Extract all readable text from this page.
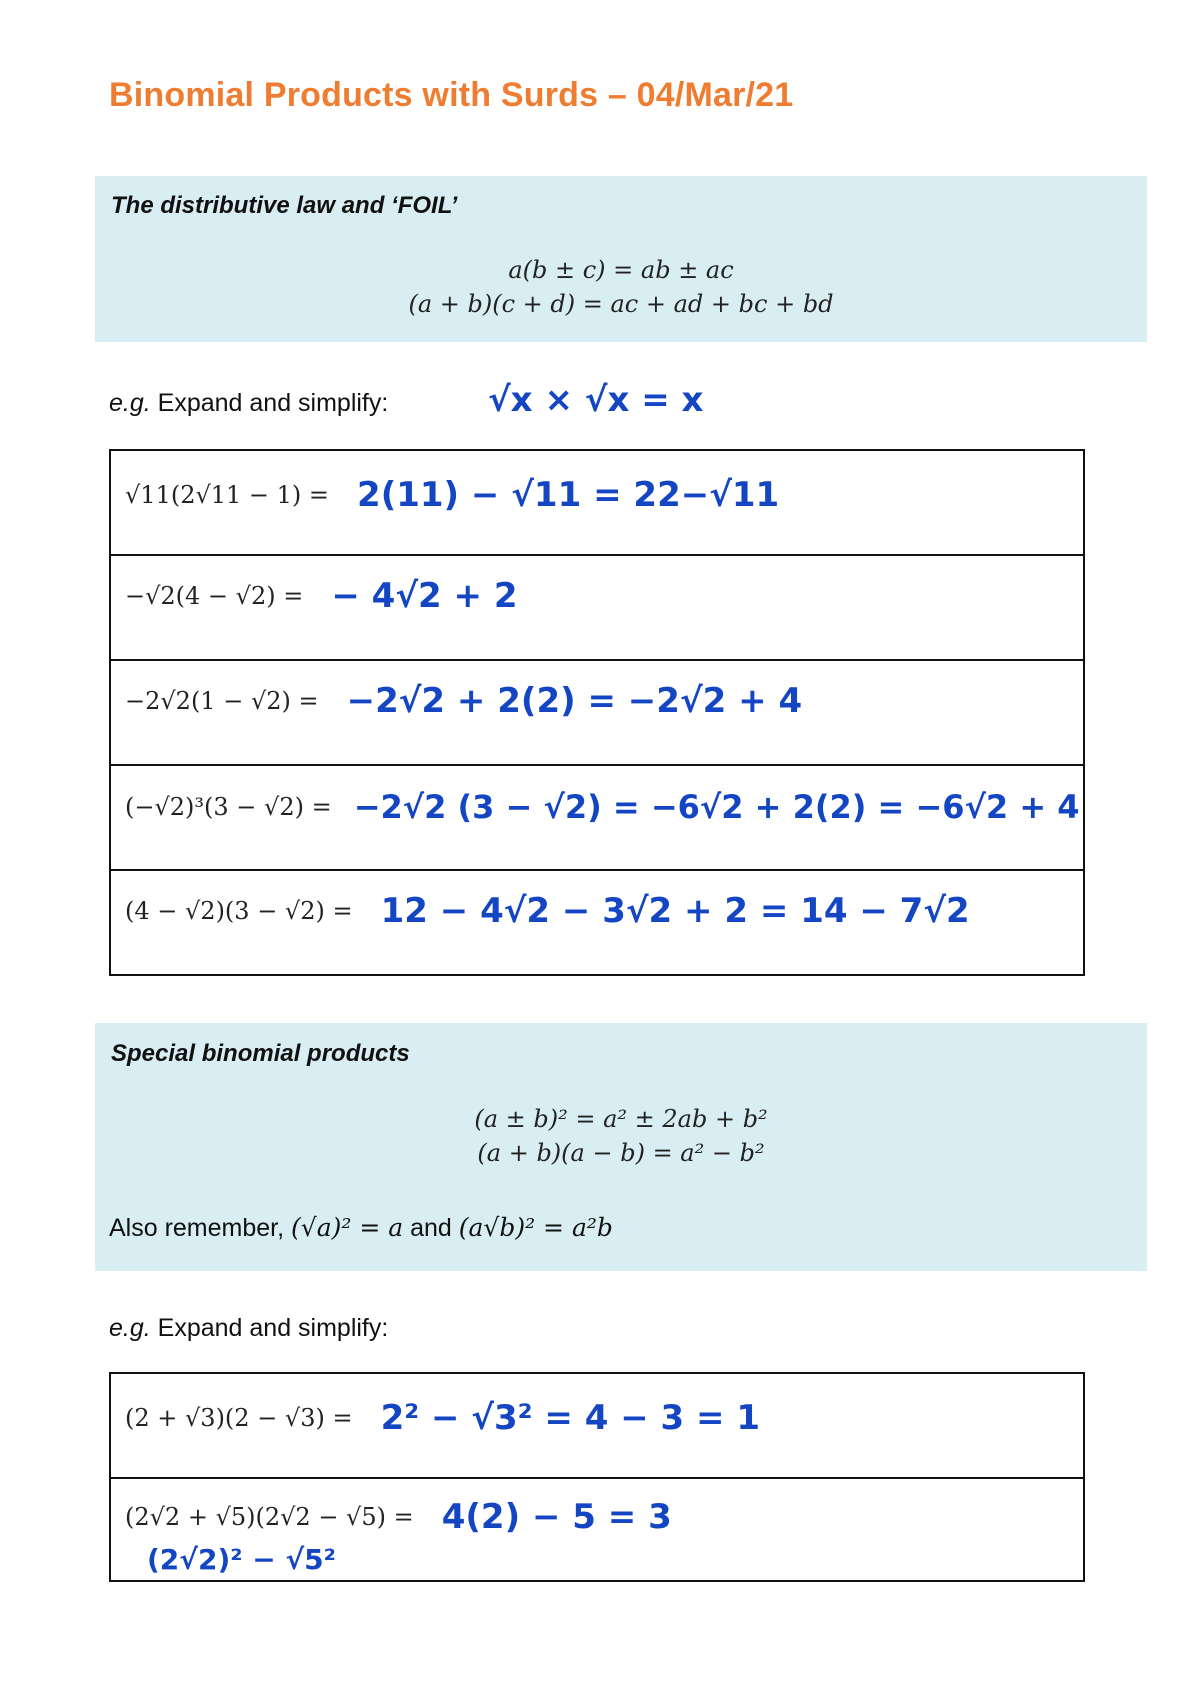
Binomial Products with Surds – 04/Mar/21
The distributive law and ‘FOIL’
a(b ± c) = ab ± ac
(a + b)(c + d) = ac + ad + bc + bd
e.g. Expand and simplify:	√x × √x = x
√11(2√11 − 1) = 2(11) − √11 = 22−√11

−√2(4 − √2) = − 4√2 + 2

−2√2(1 − √2) = −2√2 + 2(2) = −2√2 + 4

(−√2)³(3 − √2) = −2√2 (3 − √2) = −6√2 + 2(2) = −6√2 + 4

(4 − √2)(3 − √2) = 12 − 4√2 − 3√2 + 2 = 14 − 7√2
Special binomial products
(a ± b)² = a² ± 2ab + b²
(a + b)(a − b) = a² − b²
Also remember, (√a)² = a and (a√b)² = a²b
e.g. Expand and simplify:
(2 + √3)(2 − √3) = 2² − √3² = 4 − 3 = 1

(2√2 + √5)(2√2 − √5) = 4(2) − 5 = 3
(2√2)² − √5²
